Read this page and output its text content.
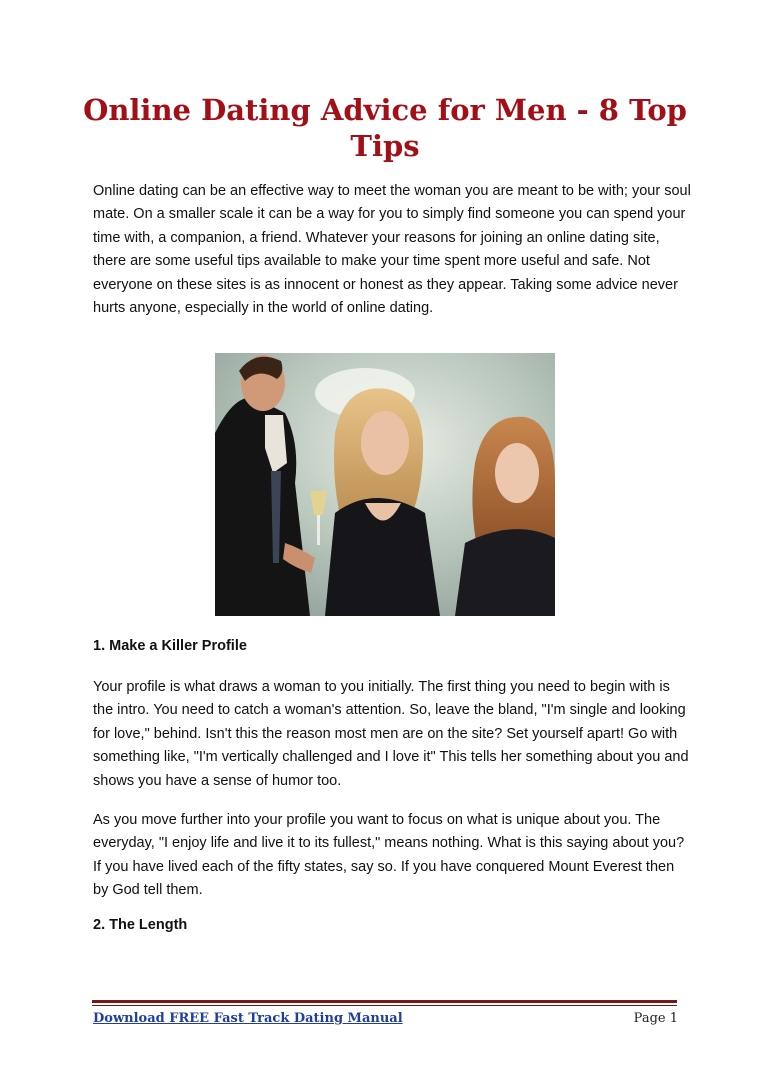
Online Dating Advice for Men - 8 Top Tips

Online dating can be an effective way to meet the woman you are meant to be with; your soul mate. On a smaller scale it can be a way for you to simply find someone you can spend your time with, a companion, a friend. Whatever your reasons for joining an online dating site, there are some useful tips available to make your time spent more useful and safe. Not everyone on these sites is as innocent or honest as they appear. Taking some advice never hurts anyone, especially in the world of online dating.

1. Make a Killer Profile

Your profile is what draws a woman to you initially. The first thing you need to begin with is the intro. You need to catch a woman's attention. So, leave the bland, "I'm single and looking for love," behind. Isn't this the reason most men are on the site? Set yourself apart! Go with something like, "I'm vertically challenged and I love it" This tells her something about you and shows you have a sense of humor too.

As you move further into your profile you want to focus on what is unique about you. The everyday, "I enjoy life and live it to its fullest," means nothing. What is this saying about you? If you have lived each of the fifty states, say so. If you have conquered Mount Everest then by God tell them.

2. The Length

Download FREE Fast Track Dating Manual	Page 1
